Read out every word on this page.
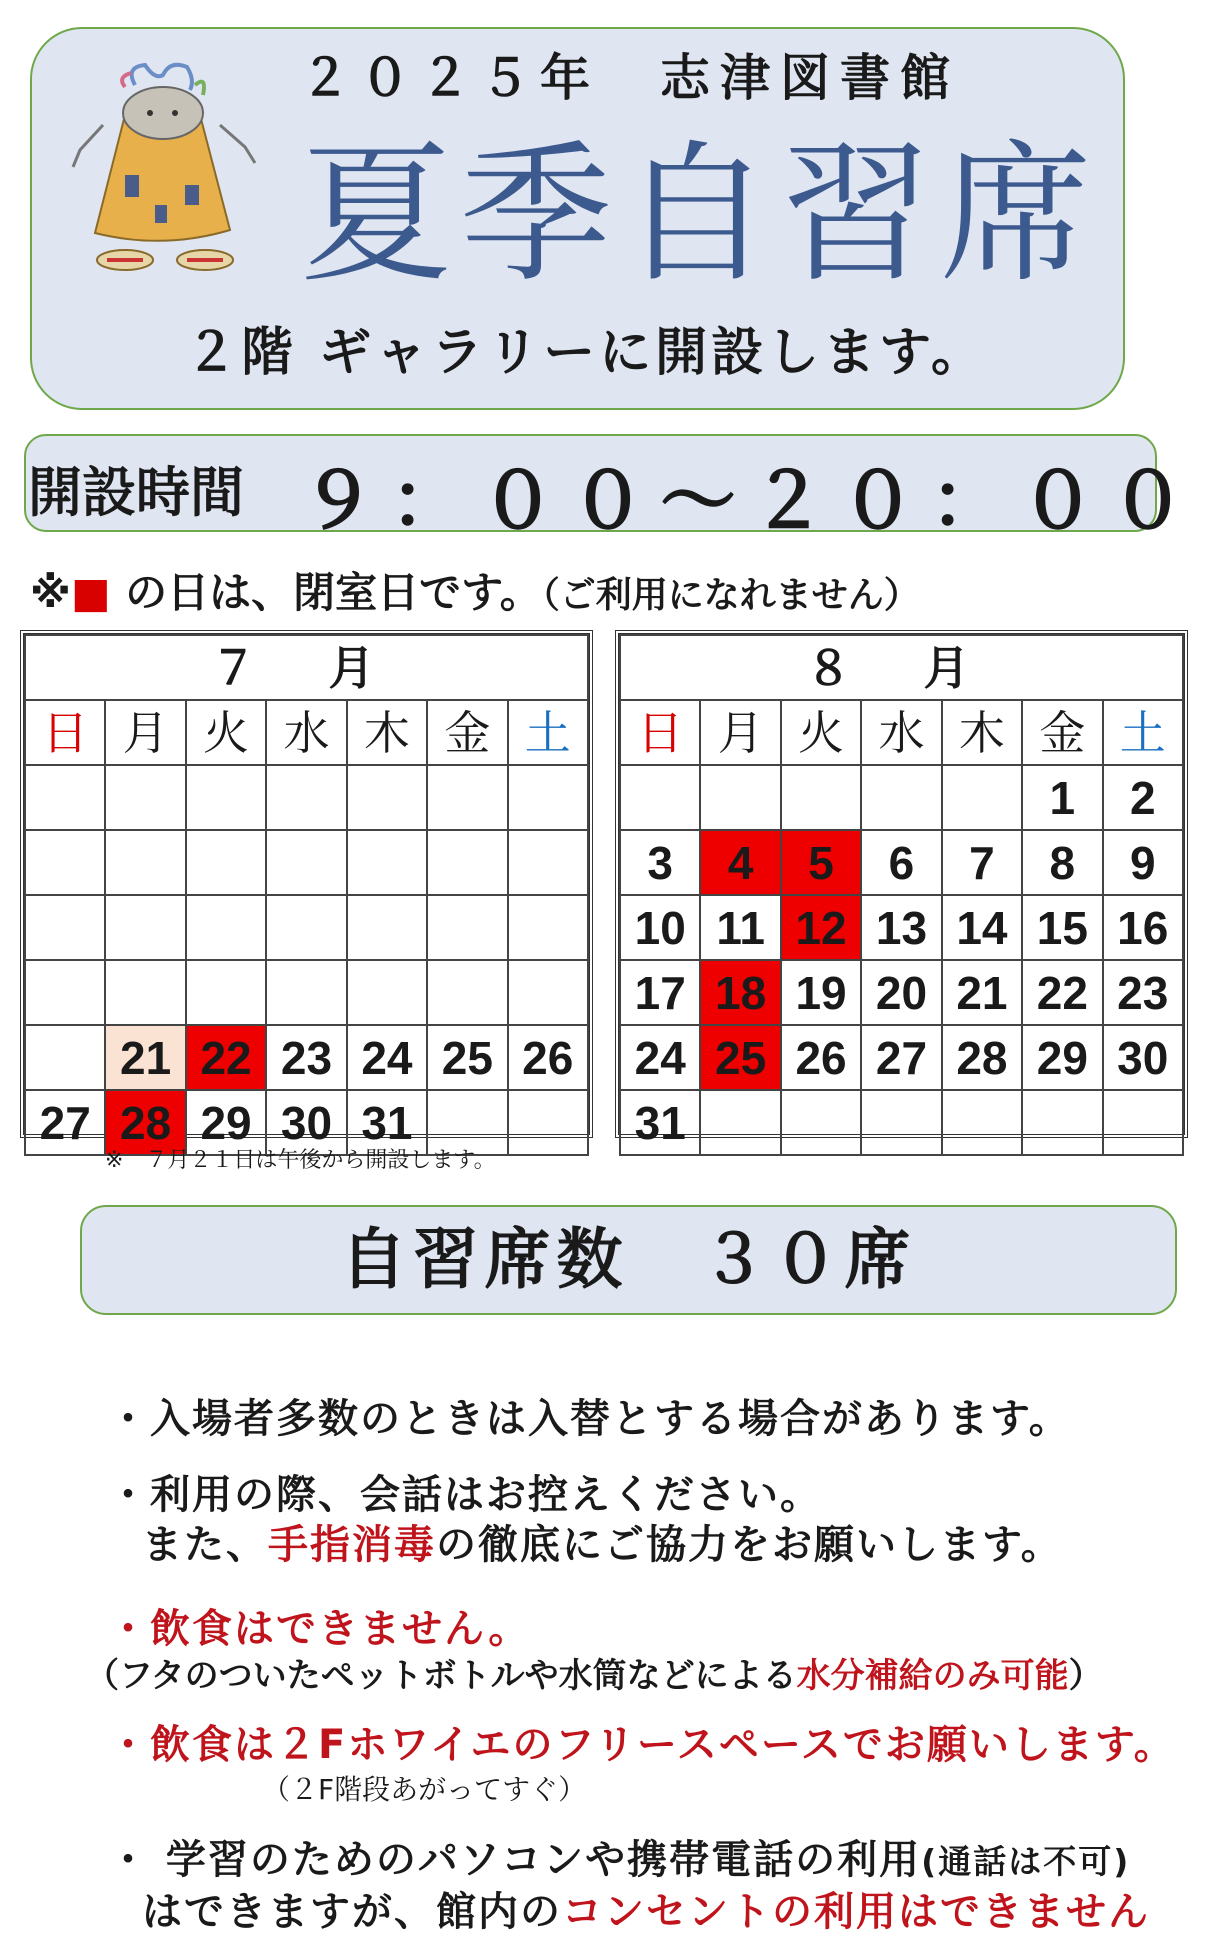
２０２５年　志津図書館
夏季自習席
２階 ギャラリーに開設します。
開設時間 ９：００～２０：００
※■ の日は、閉室日です。（ご利用になれません）
７ 月						
日	月	火	水	木	金	土

	21	22	23	24	25	26
27	28	29	30	31		
８ 月						
日	月	火	水	木	金	土
					1	2
3	4	5	6	7	8	9
10	11	12	13	14	15	16
17	18	19	20	21	22	23
24	25	26	27	28	29	30
31						
※　７月２１日は午後から開設します。
自習席数　３０席
・入場者多数のときは入替とする場合があります。
・利用の際、会話はお控えください。
また、手指消毒の徹底にご協力をお願いします。
・飲食はできません。
（フタのついたペットボトルや水筒などによる水分補給のみ可能）
・飲食は２Fホワイエのフリースペースでお願いします。
（２F階段あがってすぐ）
・ 学習のためのパソコンや携帯電話の利用(通話は不可)
はできますが、館内のコンセントの利用はできません
